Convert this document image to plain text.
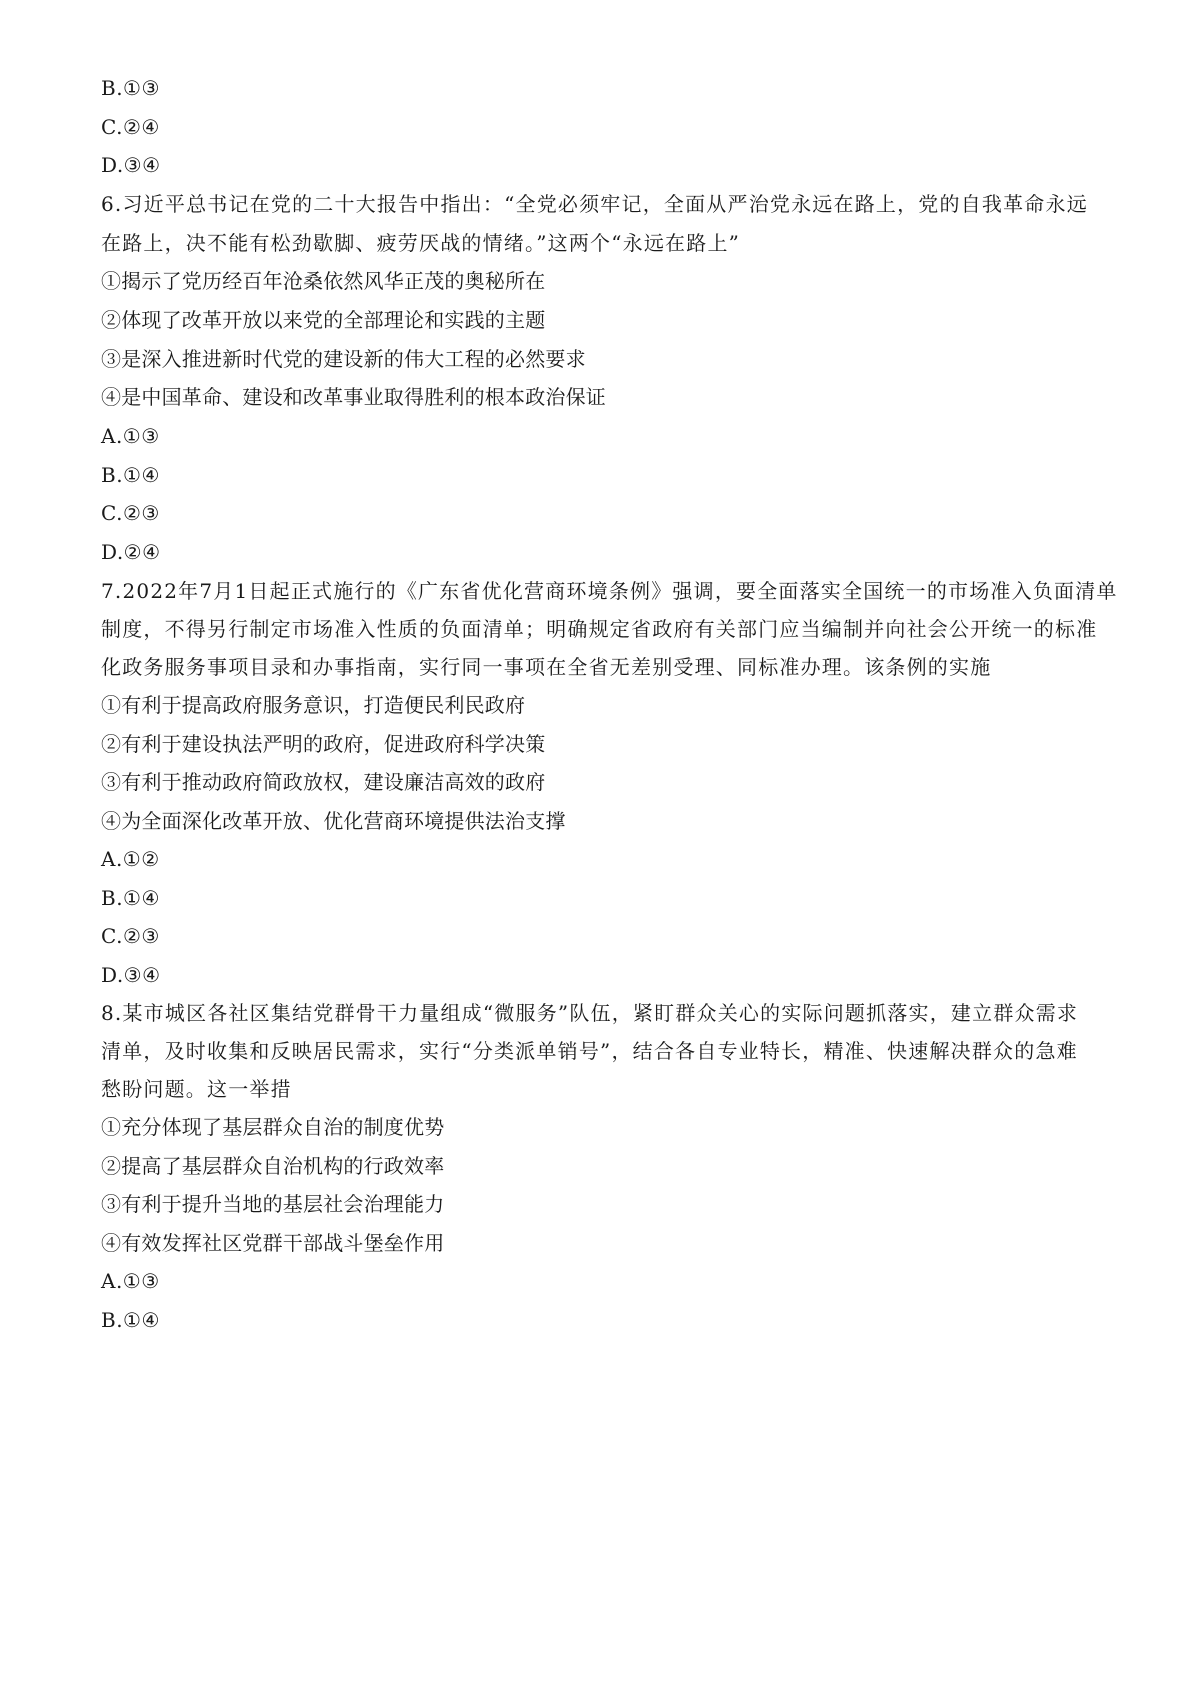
B.①③
C.②④
D.③④
6.习近平总书记在党的二十大报告中指出：“全党必须牢记，全面从严治党永远在路上，党的自我革命永远
在路上，决不能有松劲歇脚、疲劳厌战的情绪。”这两个“永远在路上”
①揭示了党历经百年沧桑依然风华正茂的奥秘所在
②体现了改革开放以来党的全部理论和实践的主题
③是深入推进新时代党的建设新的伟大工程的必然要求
④是中国革命、建设和改革事业取得胜利的根本政治保证
A.①③
B.①④
C.②③
D.②④
7.2022年7月1日起正式施行的《广东省优化营商环境条例》强调，要全面落实全国统一的市场准入负面清单
制度，不得另行制定市场准入性质的负面清单；明确规定省政府有关部门应当编制并向社会公开统一的标准
化政务服务事项目录和办事指南，实行同一事项在全省无差别受理、同标准办理。该条例的实施
①有利于提高政府服务意识，打造便民利民政府
②有利于建设执法严明的政府，促进政府科学决策
③有利于推动政府简政放权，建设廉洁高效的政府
④为全面深化改革开放、优化营商环境提供法治支撑
A.①②
B.①④
C.②③
D.③④
8.某市城区各社区集结党群骨干力量组成“微服务”队伍，紧盯群众关心的实际问题抓落实，建立群众需求
清单，及时收集和反映居民需求，实行“分类派单销号”，结合各自专业特长，精准、快速解决群众的急难
愁盼问题。这一举措
①充分体现了基层群众自治的制度优势
②提高了基层群众自治机构的行政效率
③有利于提升当地的基层社会治理能力
④有效发挥社区党群干部战斗堡垒作用
A.①③
B.①④
